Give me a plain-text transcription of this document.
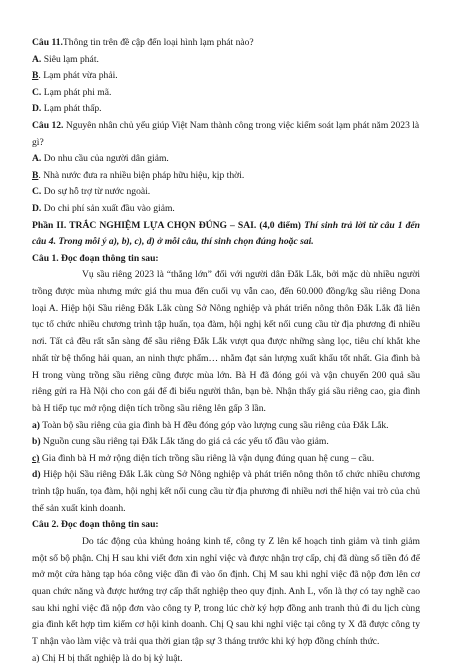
Câu 11.Thông tin trên đề cập đến loại hình lạm phát nào?

A. Siêu lạm phát.

B. Lạm phát vừa phải.

C. Lạm phát phi mã.

D. Lạm phát thấp.

Câu 12. Nguyên nhân chủ yếu giúp Việt Nam thành công trong việc kiểm soát lạm phát năm 2023 là gì?

A. Do nhu cầu của người dân giảm.

B. Nhà nước đưa ra nhiều biện pháp hữu hiệu, kịp thời.

C. Do sự hỗ trợ từ nước ngoài.

D. Do chi phí sản xuất đầu vào giảm.

Phần II. TRẮC NGHIỆM LỰA CHỌN ĐÚNG – SAI. (4,0 điểm) Thí sinh trả lời từ câu 1 đến câu 4. Trong mỗi ý a), b), c), d) ở mỗi câu, thí sinh chọn đúng hoặc sai.

Câu 1. Đọc đoạn thông tin sau:

Vụ sầu riêng 2023 là “thắng lớn” đối với người dân Đắk Lắk, bởi mặc dù nhiều người trồng được mùa nhưng mức giá thu mua đến cuối vụ vẫn cao, đến 60.000 đồng/kg sầu riêng Dona loại A. Hiệp hội Sầu riêng Đắk Lắk cùng Sở Nông nghiệp và phát triển nông thôn Đắk Lắk đã liên tục tổ chức nhiều chương trình tập huấn, tọa đàm, hội nghị kết nối cung cầu từ địa phương đi nhiều nơi. Tất cả đều rất sẵn sàng để sầu riêng Đắk Lắk vượt qua được những sàng lọc, tiêu chí khắt khe nhất từ bệ thống hải quan, an ninh thực phẩm… nhằm đạt sản lượng xuất khẩu tốt nhất. Gia đình bà H trong vùng trồng sầu riêng cũng được mùa lớn. Bà H đã đóng gói và vận chuyển 200 quả sầu riêng gửi ra Hà Nội cho con gái để đi biếu người thân, bạn bè. Nhận thấy giá sầu riêng cao, gia đình bà H tiếp tục mở rộng diện tích trồng sầu riêng lên gấp 3 lần.

a) Toàn bộ sầu riêng của gia đình bà H đều đóng góp vào lượng cung sầu riêng của Đắk Lắk.

b) Nguồn cung sầu riêng tại Đắk Lắk tăng do giá cả các yếu tố đầu vào giảm.

c) Gia đình bà H mở rộng diện tích trồng sầu riêng là vận dụng đúng quan hệ cung – cầu.

d) Hiệp hội Sầu riêng Đắk Lắk cùng Sở Nông nghiệp và phát triển nông thôn tổ chức nhiều chương trình tập huấn, tọa đàm, hội nghị kết nối cung cầu từ địa phương đi nhiều nơi thể hiện vai trò của chủ thể sản xuất kinh doanh.

Câu 2. Đọc đoạn thông tin sau:

Do tác động của khủng hoảng kinh tế, công ty Z lên kế hoạch tinh giảm và tinh giảm một số bộ phận. Chị H sau khi viết đơn xin nghỉ việc và được nhận trợ cấp, chị đã dùng số tiền đó để mở một cửa hàng tạp hóa công việc dần đi vào ổn định. Chị M sau khi nghỉ việc đã nộp đơn lên cơ quan chức năng và được hướng trợ cấp thất nghiệp theo quy định. Anh L, vốn là thợ có tay nghề cao sau khi nghỉ việc đã nộp đơn vào công ty P, trong lúc chờ ký hợp đồng anh tranh thủ đi du lịch cùng gia đình kết hợp tìm kiếm cơ hội kinh doanh. Chị Q sau khi nghỉ việc tại công ty X đã được công ty T nhận vào làm việc và trải qua thời gian tập sự 3 tháng trước khi ký hợp đồng chính thức.

a) Chị H bị thất nghiệp là do bị kỷ luật.
